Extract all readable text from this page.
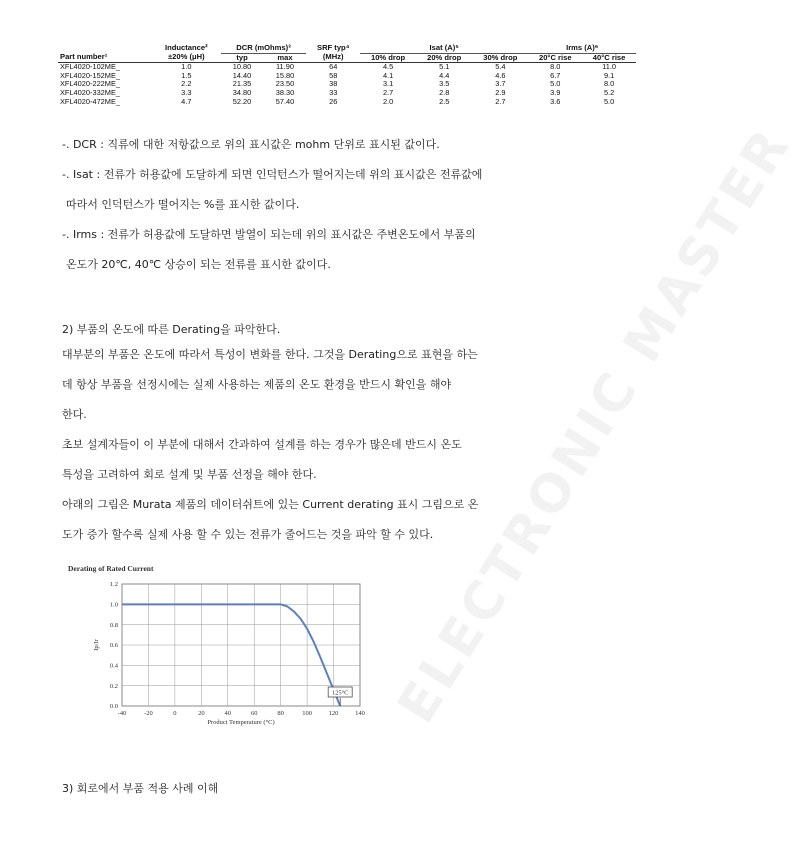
ELECTRONIC MASTER
	Inductance²	DCR (mOhms)³		SRF typ⁴	Isat (A)⁵			Irms (A)⁶	
Part number¹	±20% (μH)	typ	max	(MHz)	10% drop	20% drop	30% drop	20°C rise	40°C rise
XFL4020-102ME_	1.0	10.80	11.90	64	4.5	5.1	5.4	8.0	11.0
XFL4020-152ME_	1.5	14.40	15.80	58	4.1	4.4	4.6	6.7	9.1
XFL4020-222ME_	2.2	21.35	23.50	38	3.1	3.5	3.7	5.0	8.0
XFL4020-332ME_	3.3	34.80	38.30	33	2.7	2.8	2.9	3.9	5.2
XFL4020-472ME_	4.7	52.20	57.40	26	2.0	2.5	2.7	3.6	5.0

-. DCR : 직류에 대한 저항값으로 위의 표시값은 mohm 단위로 표시된 값이다.

-. Isat : 전류가 허용값에 도달하게 되면 인덕턴스가 떨어지는데 위의 표시값은 전류값에

따라서 인덕턴스가 떨어지는 %를 표시한 값이다.

-. Irms : 전류가 허용값에 도달하면 발열이 되는데 위의 표시값은 주변온도에서 부품의

온도가 20℃, 40℃ 상승이 되는 전류를 표시한 값이다.

2) 부품의 온도에 따른 Derating을 파악한다.

대부분의 부품은 온도에 따라서 특성이 변화를 한다. 그것을 Derating으로 표현을 하는

데 항상 부품을 선정시에는 실제 사용하는 제품의 온도 환경을 반드시 확인을 해야

한다.

초보 설계자들이 이 부분에 대해서 간과하여 설계를 하는 경우가 많은데 반드시 온도

특성을 고려하여 회로 설계 및 부품 선정을 해야 한다.

아래의 그림은 Murata 제품의 데이터쉬트에 있는 Current derating 표시 그림으로 온

도가 증가 할수록 실제 사용 할 수 있는 전류가 줄어드는 것을 파악 할 수 있다.

Derating of Rated Current
-40	-20	0	20	40	60	80	100	120	140
0.0
0.2
0.4
0.6
0.8
1.0
1.2
125°C
Product Temperature (°C)
Ip/Ir
3) 회로에서 부품 적용 사례 이해
